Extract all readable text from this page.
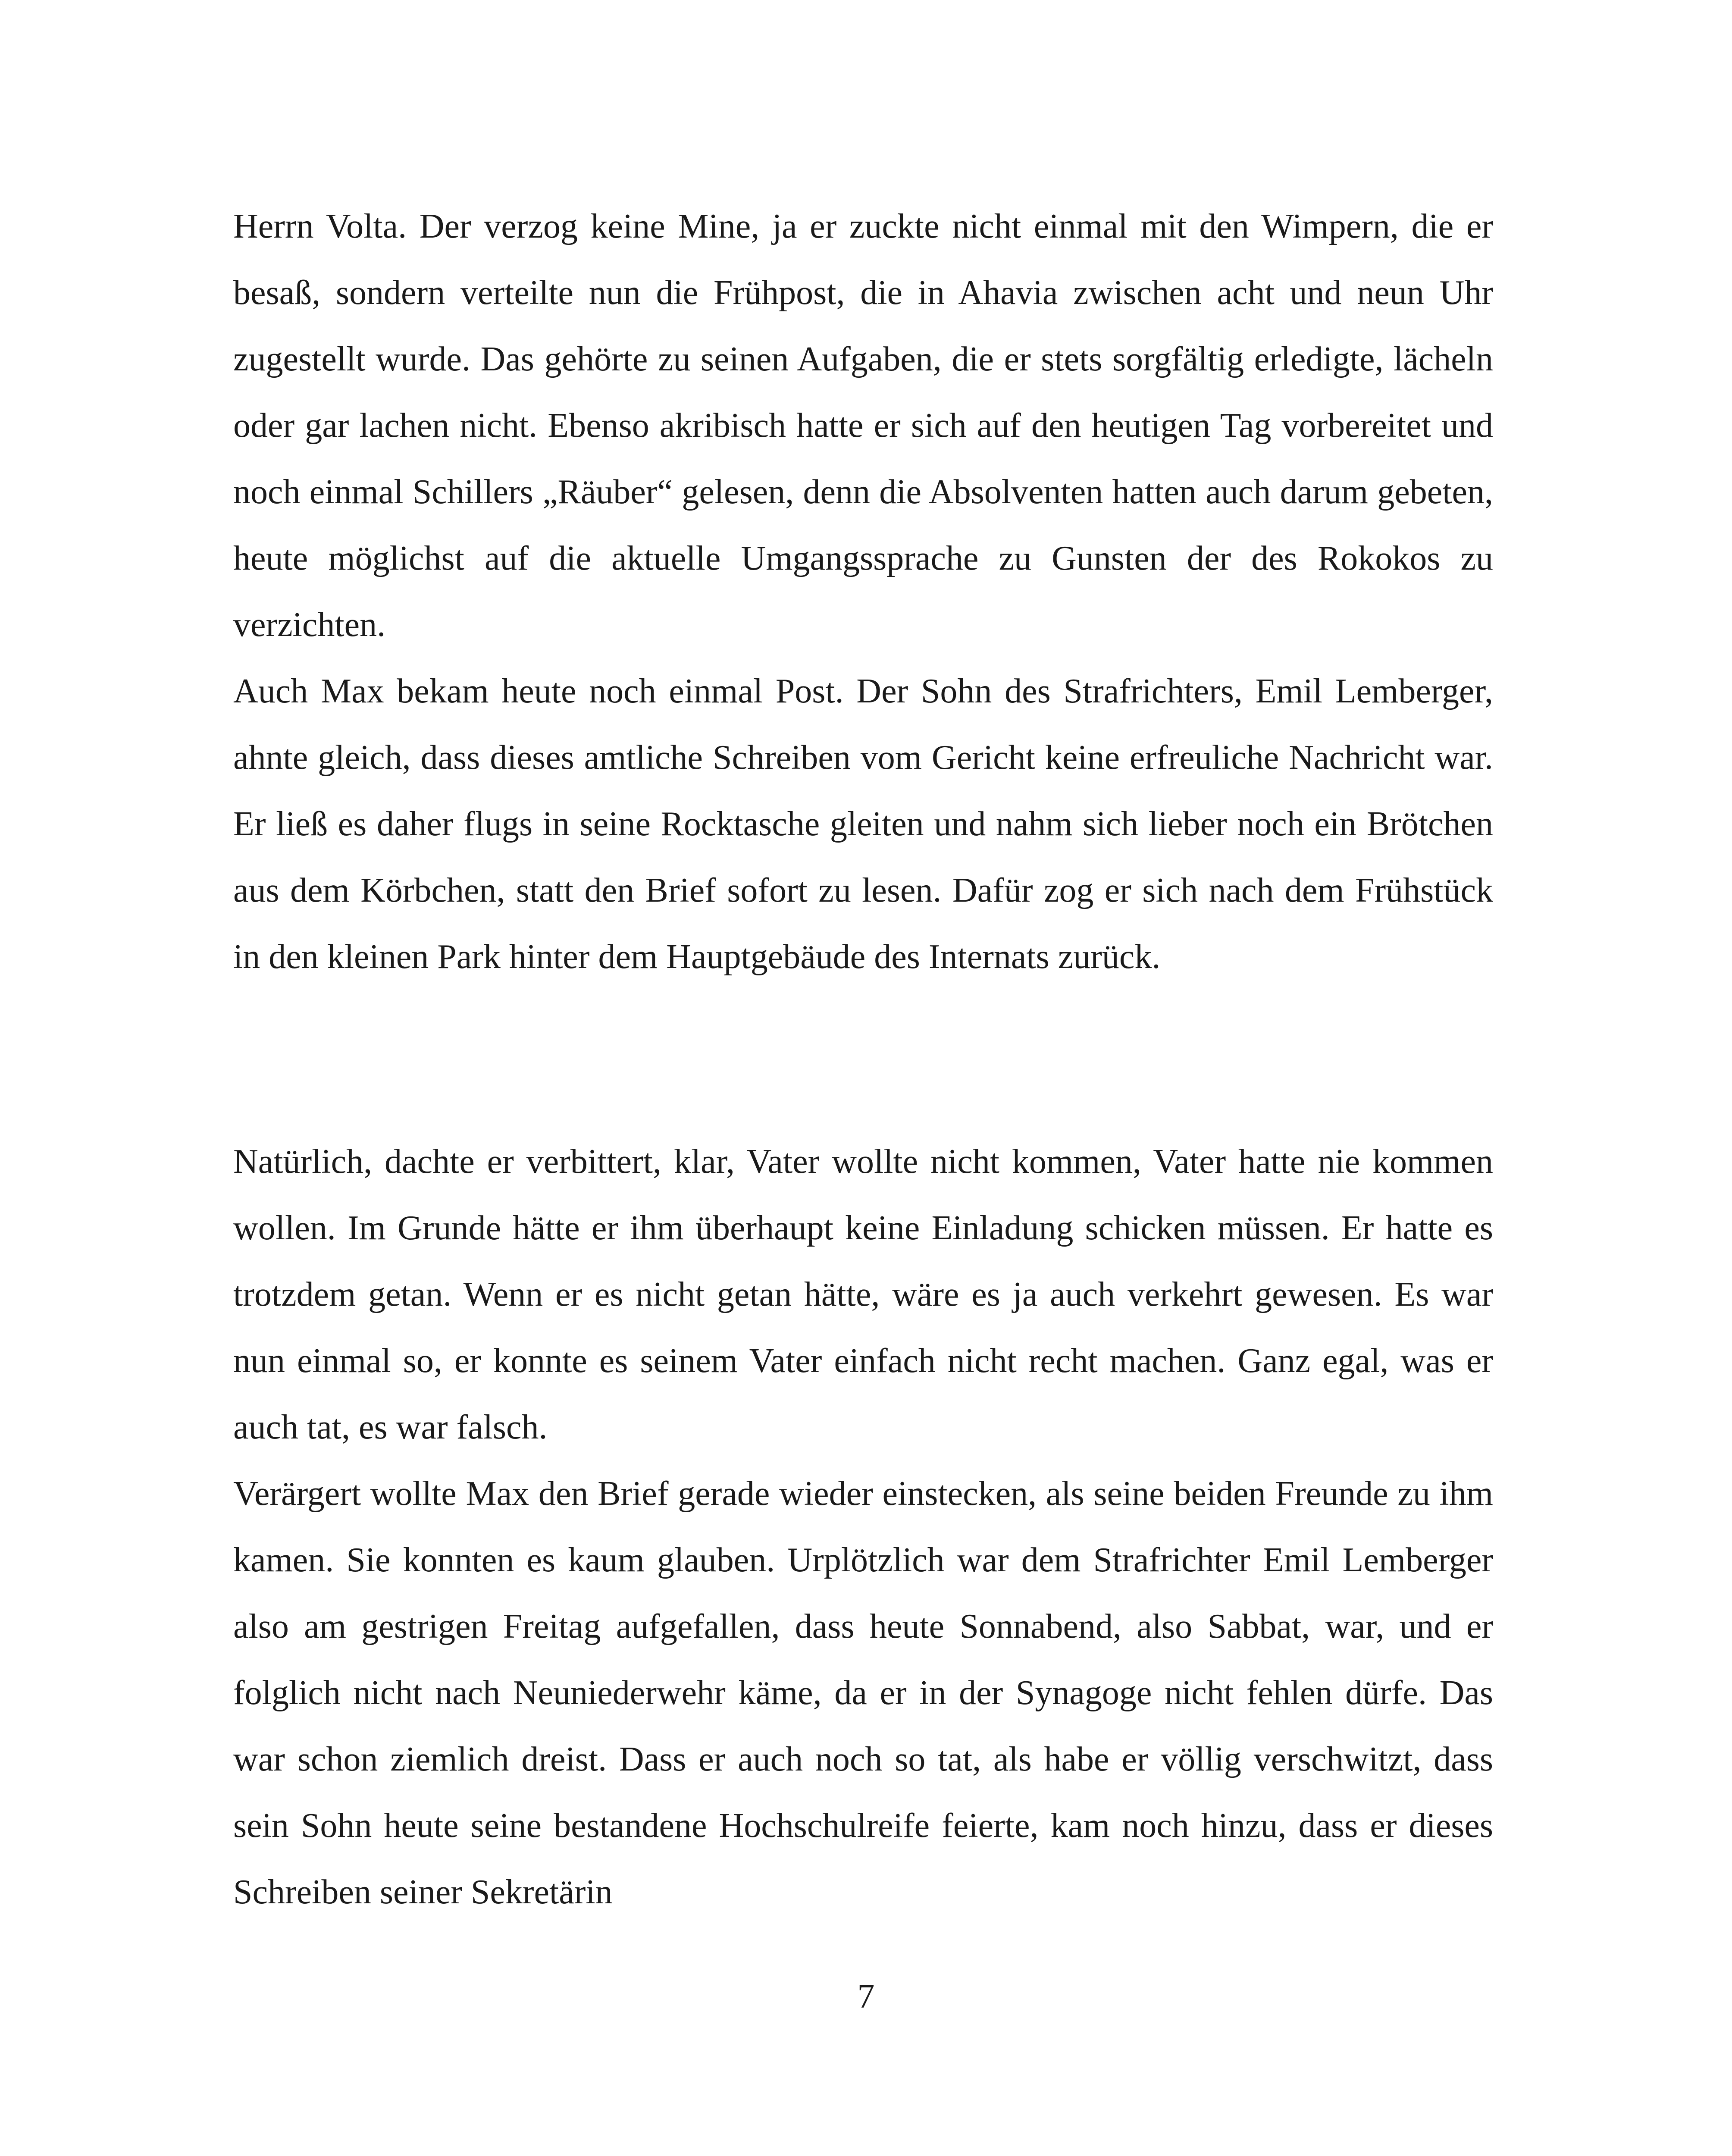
Herrn Volta. Der verzog keine Mine, ja er zuckte nicht einmal mit den Wimpern, die er besaß, sondern verteilte nun die Frühpost, die in Ahavia zwischen acht und neun Uhr zugestellt wurde. Das gehörte zu seinen Aufgaben, die er stets sorgfältig erledigte, lächeln oder gar lachen nicht. Ebenso akribisch hatte er sich auf den heutigen Tag vorbereitet und noch einmal Schillers „Räuber“ gelesen, denn die Absolventen hatten auch darum gebeten, heute möglichst auf die aktuelle Umgangssprache zu Gunsten der des Rokokos zu verzichten.

Auch Max bekam heute noch einmal Post. Der Sohn des Strafrichters, Emil Lemberger, ahnte gleich, dass dieses amtliche Schreiben vom Gericht keine erfreuliche Nachricht war. Er ließ es daher flugs in seine Rocktasche gleiten und nahm sich lieber noch ein Brötchen aus dem Körbchen, statt den Brief sofort zu lesen. Dafür zog er sich nach dem Frühstück in den kleinen Park hinter dem Hauptgebäude des Internats zurück.

Natürlich, dachte er verbittert, klar, Vater wollte nicht kommen, Vater hatte nie kommen wollen. Im Grunde hätte er ihm überhaupt keine Einladung schicken müssen. Er hatte es trotzdem getan. Wenn er es nicht getan hätte, wäre es ja auch verkehrt gewesen. Es war nun einmal so, er konnte es seinem Vater einfach nicht recht machen. Ganz egal, was er auch tat, es war falsch.

Verärgert wollte Max den Brief gerade wieder einstecken, als seine beiden Freunde zu ihm kamen. Sie konnten es kaum glauben. Urplötzlich war dem Strafrichter Emil Lemberger also am gestrigen Freitag aufgefallen, dass heute Sonnabend, also Sabbat, war, und er folglich nicht nach Neuniederwehr käme, da er in der Synagoge nicht fehlen dürfe. Das war schon ziemlich dreist. Dass er auch noch so tat, als habe er völlig verschwitzt, dass sein Sohn heute seine bestandene Hochschulreife feierte, kam noch hinzu, dass er dieses Schreiben seiner Sekretärin

7
